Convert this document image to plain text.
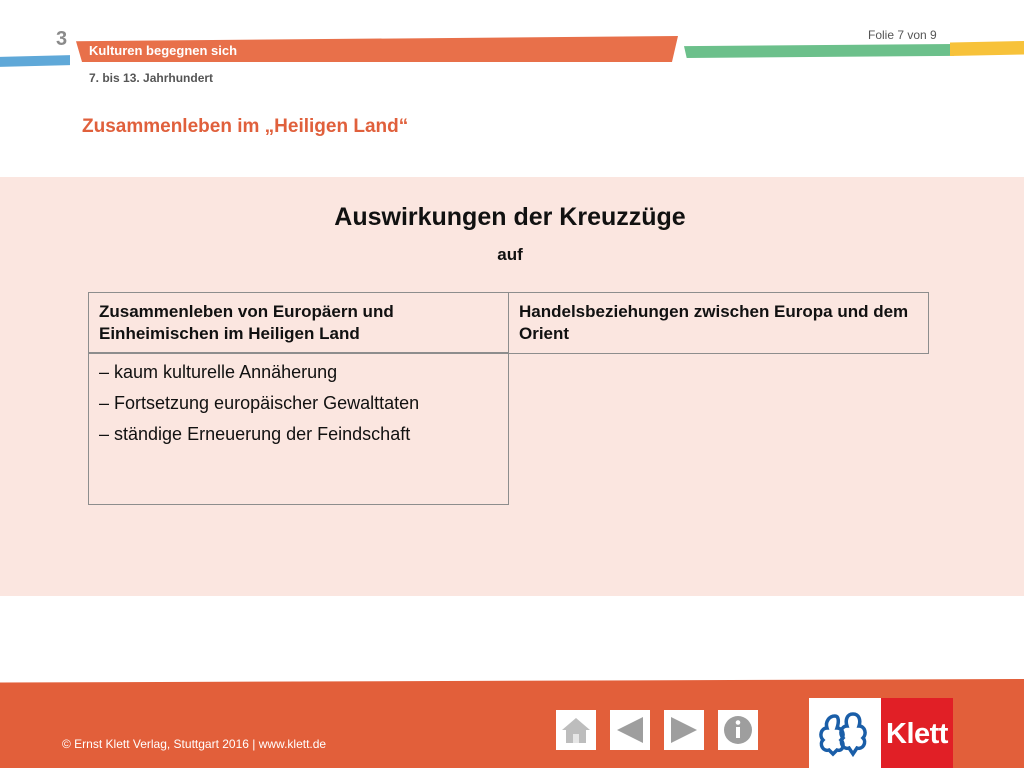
3
Kulturen begegnen sich
Folie 7 von 9
7. bis 13. Jahrhundert
Zusammenleben im „Heiligen Land“
Auswirkungen der Kreuzzüge
auf
Zusammenleben von Europäern und Einheimischen im Heiligen Land
Handelsbeziehungen zwischen Europa und dem Orient
– kaum kulturelle Annäherung
– Fortsetzung europäischer Gewalttaten
– ständige Erneuerung der Feindschaft
© Ernst Klett Verlag, Stuttgart 2016 | www.klett.de	Klett
